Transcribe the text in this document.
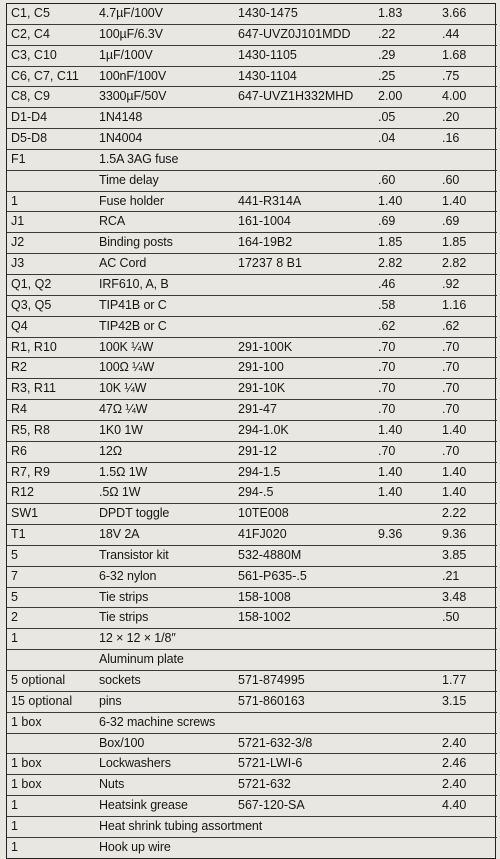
C1, C5	4.7µF/100V	1430-1475	1.83	3.66
C2, C4	100µF/6.3V	647-UVZ0J101MDD	.22	.44
C3, C10	1µF/100V	1430-1105	.29	1.68
C6, C7, C11	100nF/100V	1430-1104	.25	.75
C8, C9	3300µF/50V	647-UVZ1H332MHD	2.00	4.00
D1-D4	1N4148		.05	.20
D5-D8	1N4004		.04	.16
F1	1.5A 3AG fuse			
	Time delay		.60	.60
1	Fuse holder	441-R314A	1.40	1.40
J1	RCA	161-1004	.69	.69
J2	Binding posts	164-19B2	1.85	1.85
J3	AC Cord	17237 8 B1	2.82	2.82
Q1, Q2	IRF610, A, B		.46	.92
Q3, Q5	TIP41B or C		.58	1.16
Q4	TIP42B or C		.62	.62
R1, R10	100K ¼W	291-100K	.70	.70
R2	100Ω ¼W	291-100	.70	.70
R3, R11	10K ¼W	291-10K	.70	.70
R4	47Ω ¼W	291-47	.70	.70
R5, R8	1K0 1W	294-1.0K	1.40	1.40
R6	12Ω	291-12	.70	.70
R7, R9	1.5Ω 1W	294-1.5	1.40	1.40
R12	.5Ω 1W	294-.5	1.40	1.40
SW1	DPDT toggle	10TE008		2.22
T1	18V 2A	41FJ020	9.36	9.36
5	Transistor kit	532-4880M		3.85
7	6-32 nylon	561-P635-.5		.21
5	Tie strips	158-1008		3.48
2	Tie strips	158-1002		.50
1	12 × 12 × 1/8″			
	Aluminum plate			
5 optional	sockets	571-874995		1.77
15 optional	pins	571-860163		3.15
1 box	6-32 machine screws			
	Box/100	5721-632-3/8		2.40
1 box	Lockwashers	5721-LWI-6		2.46
1 box	Nuts	5721-632		2.40
1	Heatsink grease	567-120-SA		4.40
1	Heat shrink tubing assortment			
1	Hook up wire			
